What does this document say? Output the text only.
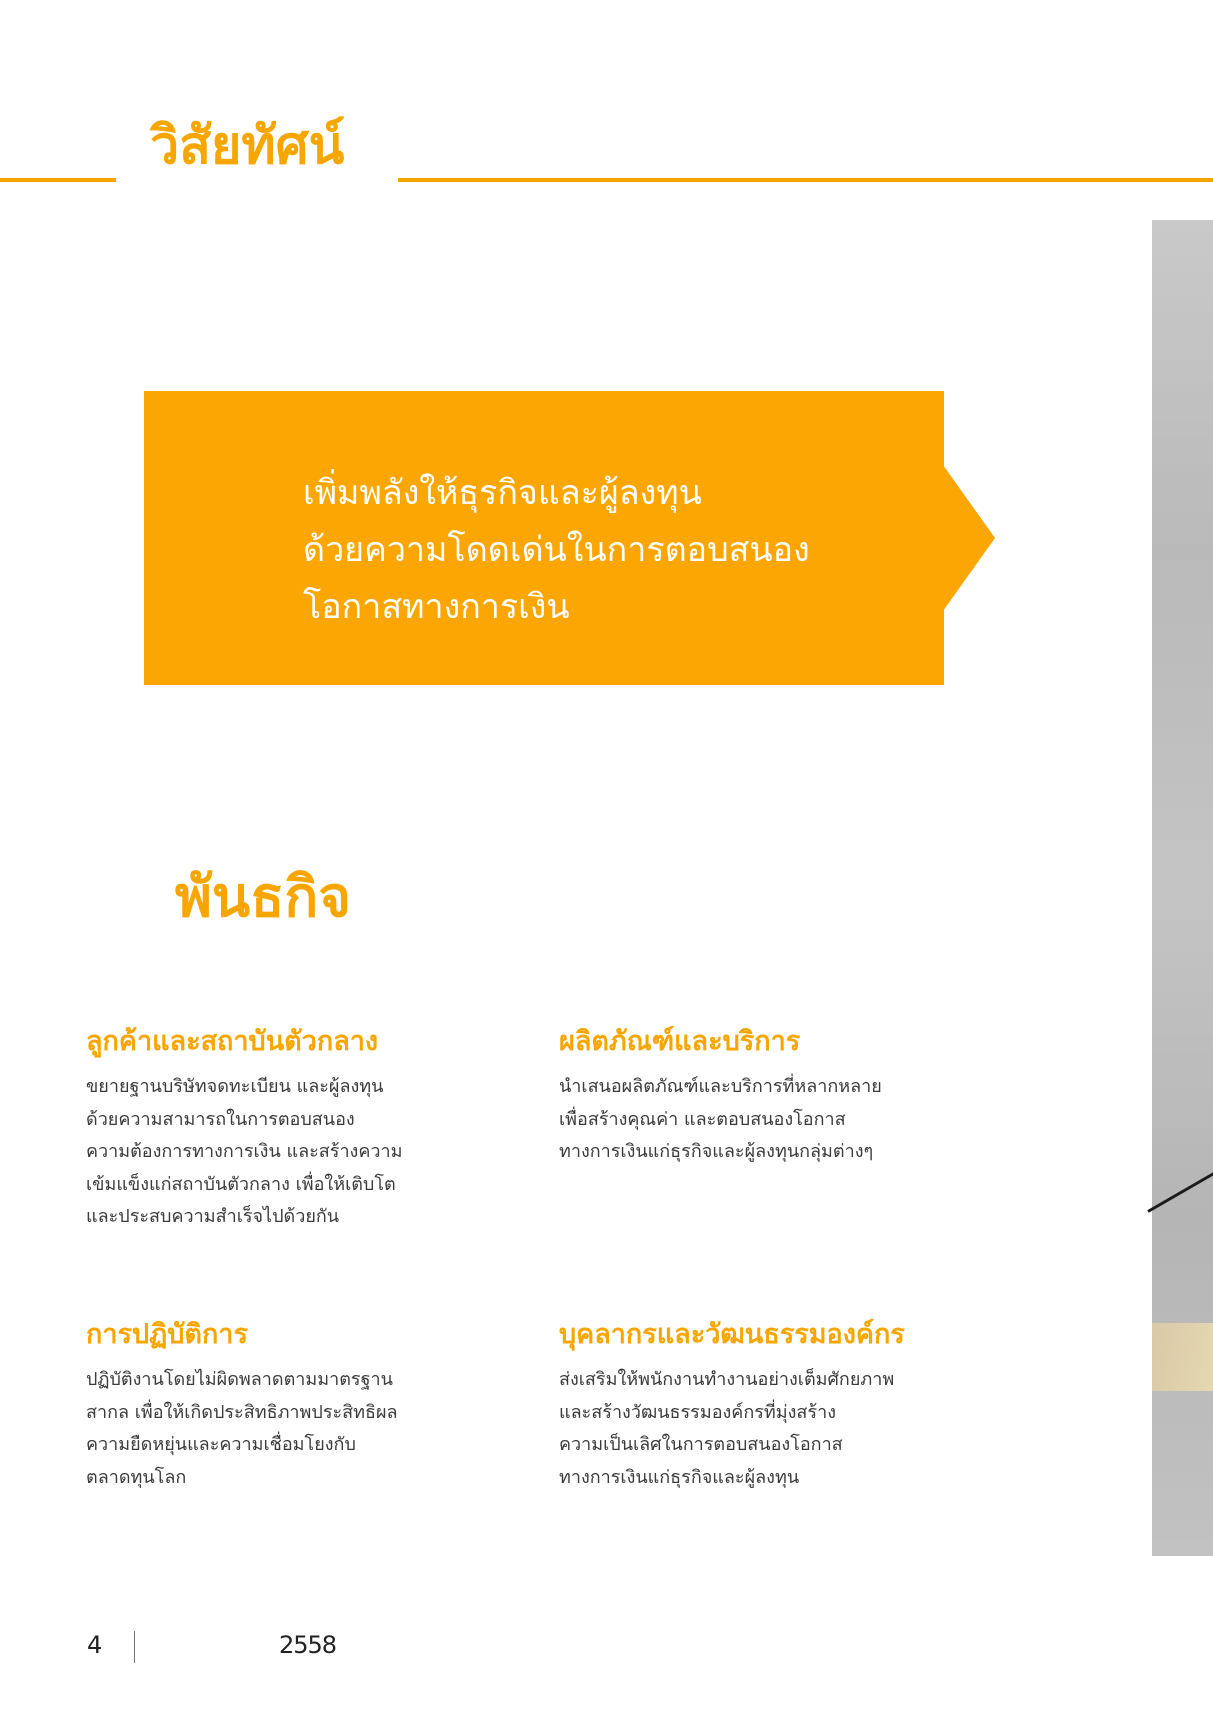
วิสัยทัศน์
เพิ่มพลังให้ธุรกิจและผู้ลงทุน
ด้วยความโดดเด่นในการตอบสนอง
โอกาสทางการเงิน
พันธกิจ
ลูกค้าและสถาบันตัวกลาง

ขยายฐานบริษัทจดทะเบียน และผู้ลงทุน
ด้วยความสามารถในการตอบสนอง
ความต้องการทางการเงิน และสร้างความ
เข้มแข็งแก่สถาบันตัวกลาง เพื่อให้เติบโต
และประสบความสำเร็จไปด้วยกัน

ผลิตภัณฑ์และบริการ

นำเสนอผลิตภัณฑ์และบริการที่หลากหลาย
เพื่อสร้างคุณค่า และตอบสนองโอกาส
ทางการเงินแก่ธุรกิจและผู้ลงทุนกลุ่มต่างๆ

การปฏิบัติการ

ปฏิบัติงานโดยไม่ผิดพลาดตามมาตรฐาน
สากล เพื่อให้เกิดประสิทธิภาพประสิทธิผล
ความยืดหยุ่นและความเชื่อมโยงกับ
ตลาดทุนโลก

บุคลากรและวัฒนธรรมองค์กร

ส่งเสริมให้พนักงานทำงานอย่างเต็มศักยภาพ
และสร้างวัฒนธรรมองค์กรที่มุ่งสร้าง
ความเป็นเลิศในการตอบสนองโอกาส
ทางการเงินแก่ธุรกิจและผู้ลงทุน

4	2558
